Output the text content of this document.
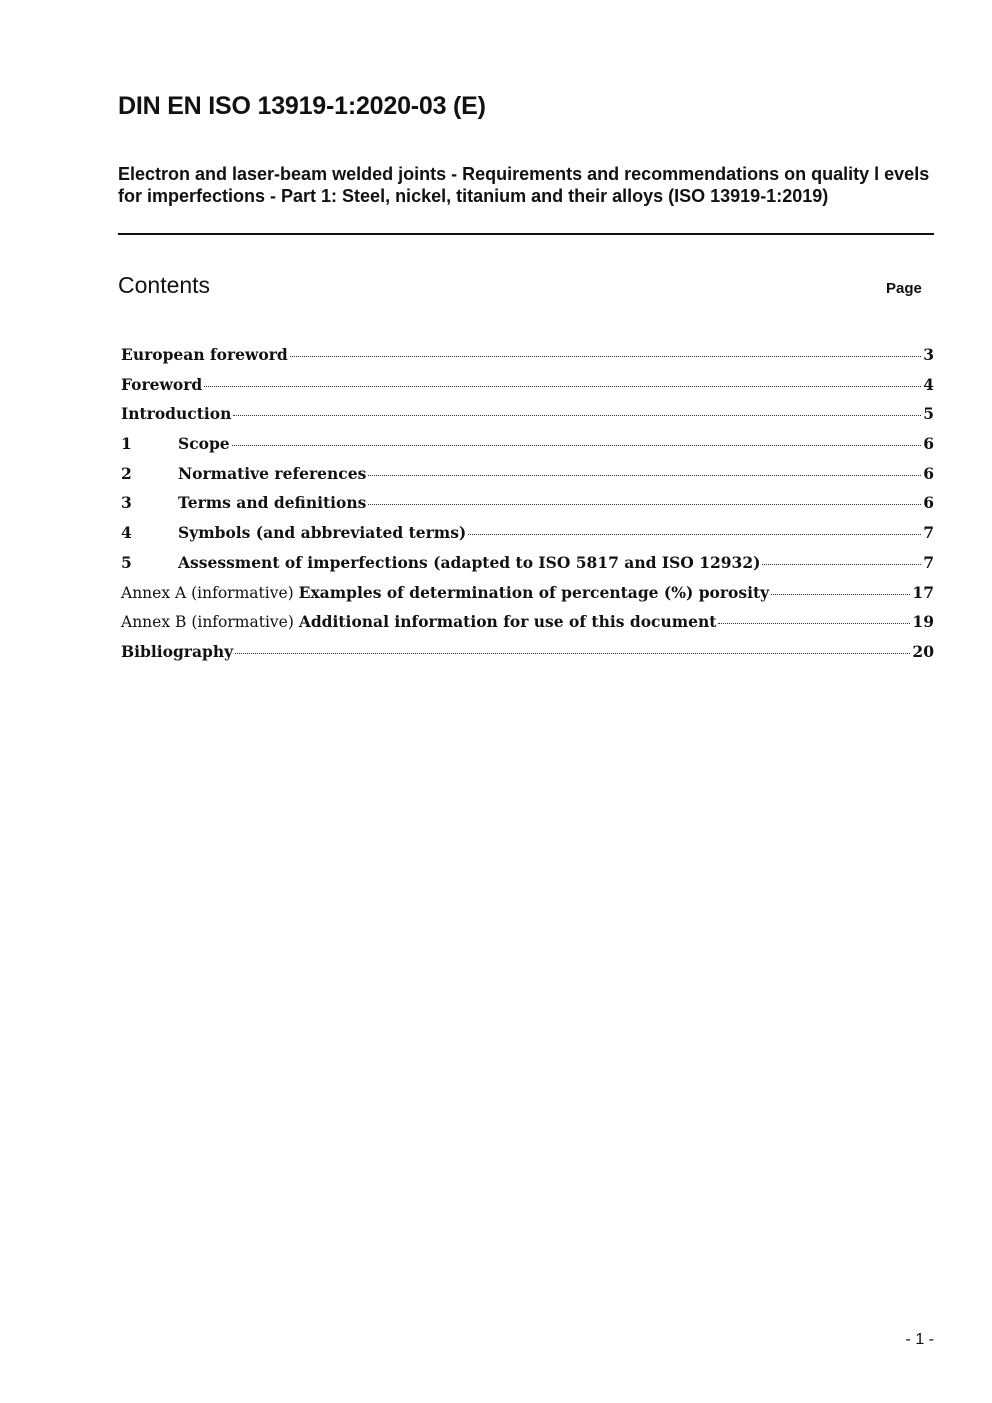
DIN EN ISO 13919-1:2020-03 (E)
Electron and laser-beam welded joints - Requirements and recommendations on quality l evels for imperfections - Part 1: Steel, nickel, titanium and their alloys (ISO 13919-1:2019)
Contents	Page
European foreword	3
Foreword	4
Introduction	5
1	Scope	6
2	Normative references	6
3	Terms and definitions	6
4	Symbols (and abbreviated terms)	7
5	Assessment of imperfections (adapted to ISO 5817 and ISO 12932)	7
Annex A (informative) Examples of determination of percentage (%) porosity	17
Annex B (informative) Additional information for use of this document	19
Bibliography	20
- 1 -
